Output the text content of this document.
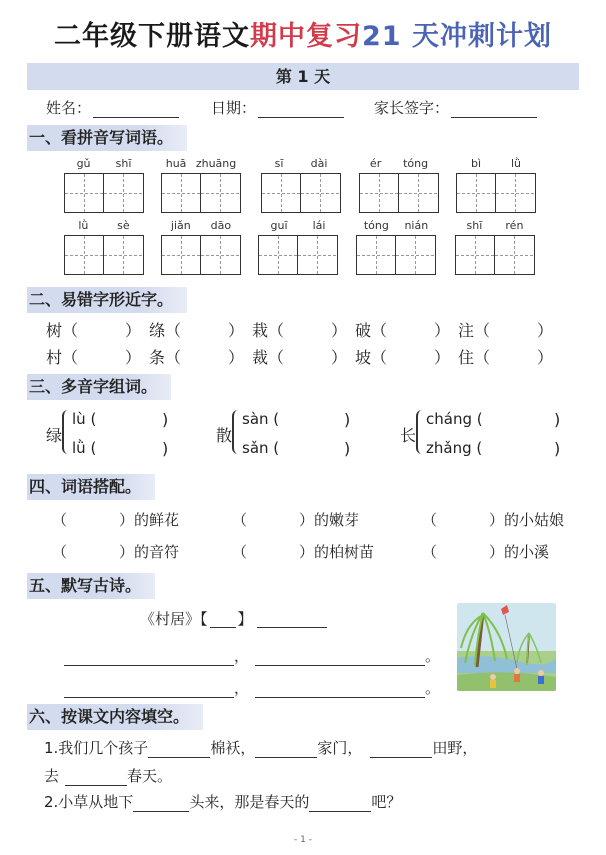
二年级下册语文期中复习21 天冲刺计划
第 1 天
姓名：	日期：	家长签字：
一、看拼音写词语。
gǔ shī	huā zhuāng	sī dài	ér tóng	bì	lǜ
lǜ	sè	jiǎn dāo	guī lái	tóng nián	shī rén
二、易错字形近字。
树 （	） 绦 （	） 栽 （	） 破 （	） 注 （	）
村 （	） 条 （	） 裁 （	） 坡 （	） 住 （	）
三、多音字组词。
绿
lù (	)
lǜ (	)
散
sàn (	)
sǎn (	)
长
cháng (	)
zhǎng (	)
四、词语搭配。
（	）的鲜花	（	）的嫩芽	（	）的小姑娘
（	）的音符	（	）的柏树苗	（	）的小溪
五、默写古诗。
《村居》【 】
，	。
，	。
六、按课文内容填空。
1.我们几个孩子	棉袄，	家门，	田野，
去	春天。
2.小草从地下	头来，那是春天的	吧？
- 1 -
